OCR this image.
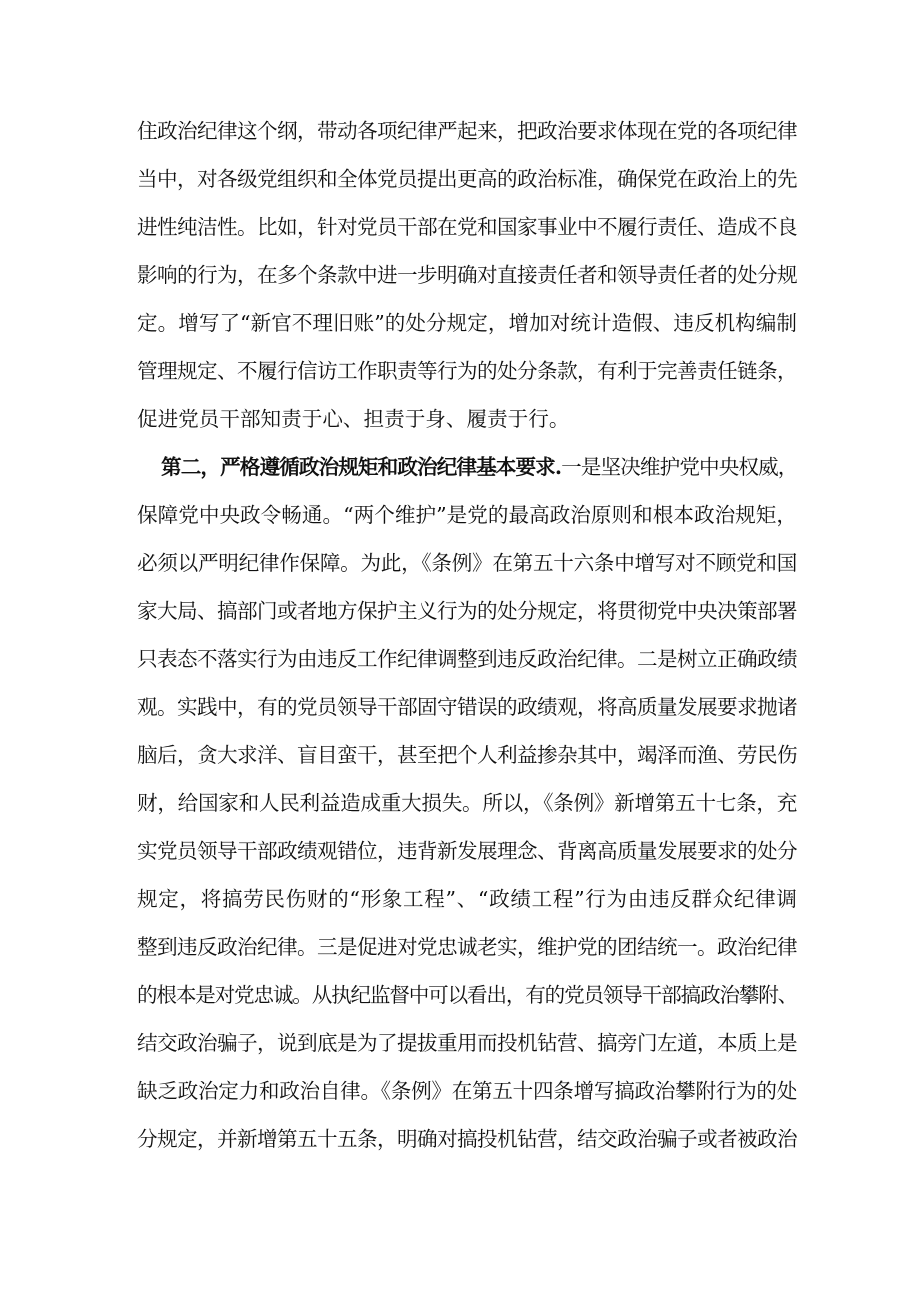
住政治纪律这个纲，带动各项纪律严起来，把政治要求体现在党的各项纪律
当中，对各级党组织和全体党员提出更高的政治标准，确保党在政治上的先
进性纯洁性。比如，针对党员干部在党和国家事业中不履行责任、造成不良
影响的行为，在多个条款中进一步明确对直接责任者和领导责任者的处分规
定。增写了“新官不理旧账”的处分规定，增加对统计造假、违反机构编制
管理规定、不履行信访工作职责等行为的处分条款，有利于完善责任链条，
促进党员干部知责于心、担责于身、履责于行。
第二，严格遵循政治规矩和政治纪律基本要求.一是坚决维护党中央权威，
保障党中央政令畅通。“两个维护”是党的最高政治原则和根本政治规矩，
必须以严明纪律作保障。为此，《条例》在第五十六条中增写对不顾党和国
家大局、搞部门或者地方保护主义行为的处分规定，将贯彻党中央决策部署
只表态不落实行为由违反工作纪律调整到违反政治纪律。二是树立正确政绩
观。实践中，有的党员领导干部固守错误的政绩观，将高质量发展要求抛诸
脑后，贪大求洋、盲目蛮干，甚至把个人利益掺杂其中，竭泽而渔、劳民伤
财，给国家和人民利益造成重大损失。所以，《条例》新增第五十七条，充
实党员领导干部政绩观错位，违背新发展理念、背离高质量发展要求的处分
规定，将搞劳民伤财的“形象工程”、“政绩工程”行为由违反群众纪律调
整到违反政治纪律。三是促进对党忠诚老实，维护党的团结统一。政治纪律
的根本是对党忠诚。从执纪监督中可以看出，有的党员领导干部搞政治攀附、
结交政治骗子，说到底是为了提拔重用而投机钻营、搞旁门左道，本质上是
缺乏政治定力和政治自律。《条例》在第五十四条增写搞政治攀附行为的处
分规定，并新增第五十五条，明确对搞投机钻营，结交政治骗子或者被政治
